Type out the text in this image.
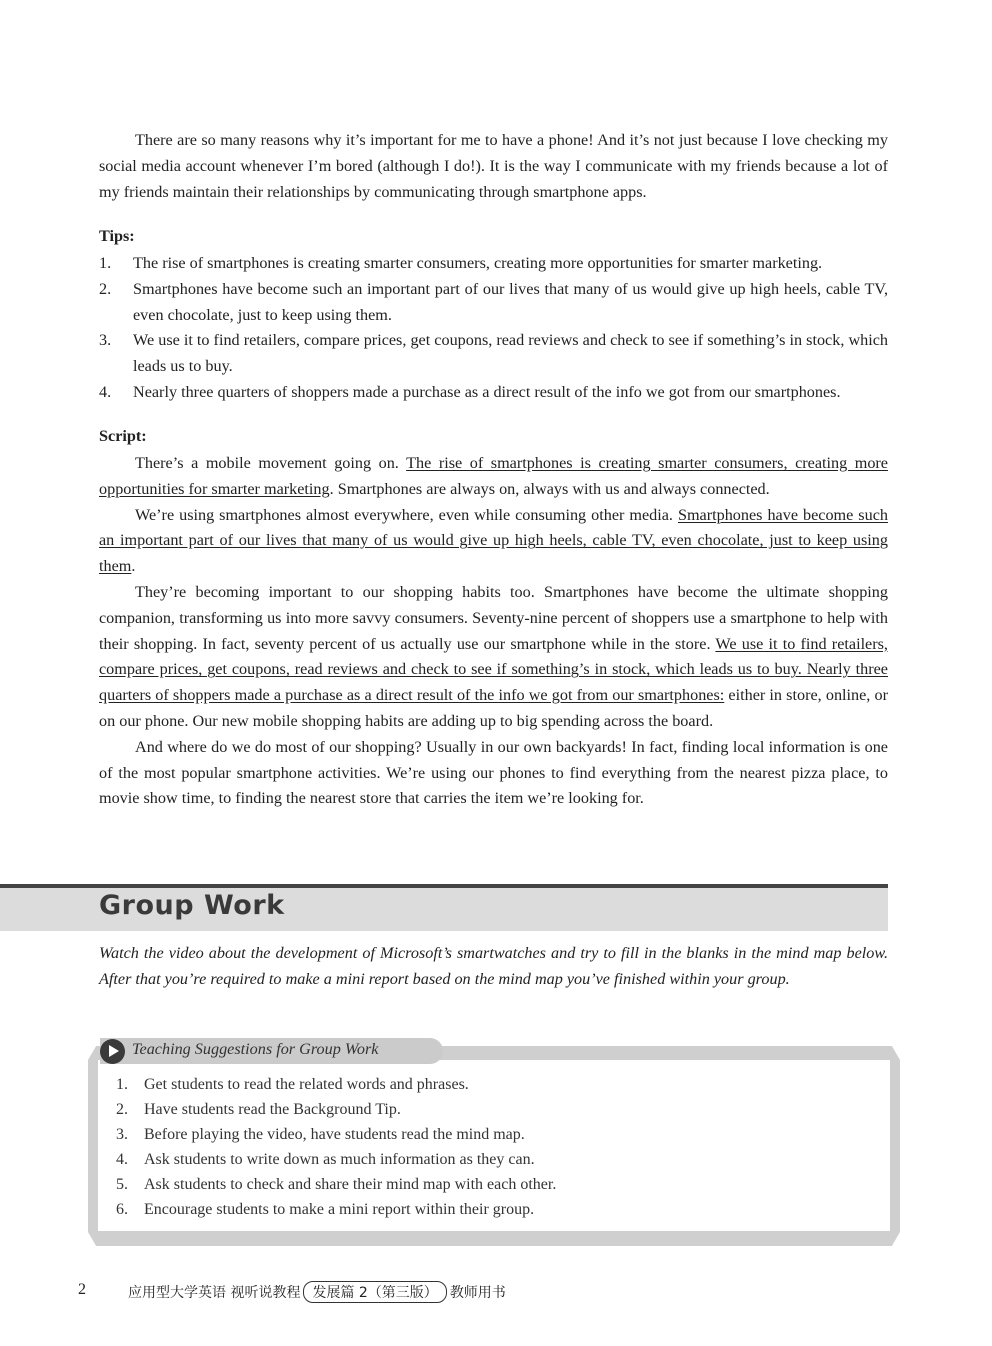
There are so many reasons why it’s important for me to have a phone! And it’s not just because I love checking my social media account whenever I’m bored (although I do!). It is the way I communicate with my friends because a lot of my friends maintain their relationships by communicating through smartphone apps.

Tips:
1.	The rise of smartphones is creating smarter consumers, creating more opportunities for smarter marketing.
2.	Smartphones have become such an important part of our lives that many of us would give up high heels, cable TV, even chocolate, just to keep using them.
3.	We use it to find retailers, compare prices, get coupons, read reviews and check to see if something’s in stock, which leads us to buy.
4.	Nearly three quarters of shoppers made a purchase as a direct result of the info we got from our smartphones.
Script:

There’s a mobile movement going on. The rise of smartphones is creating smarter consumers, creating more opportunities for smarter marketing. Smartphones are always on, always with us and always connected.

We’re using smartphones almost everywhere, even while consuming other media. Smartphones have become such an important part of our lives that many of us would give up high heels, cable TV, even chocolate, just to keep using them.

They’re becoming important to our shopping habits too. Smartphones have become the ultimate shopping companion, transforming us into more savvy consumers. Seventy-nine percent of shoppers use a smartphone to help with their shopping. In fact, seventy percent of us actually use our smartphone while in the store. We use it to find retailers, compare prices, get coupons, read reviews and check to see if something’s in stock, which leads us to buy. Nearly three quarters of shoppers made a purchase as a direct result of the info we got from our smartphones: either in store, online, or on our phone. Our new mobile shopping habits are adding up to big spending across the board.

And where do we do most of our shopping? Usually in our own backyards! In fact, finding local information is one of the most popular smartphone activities. We’re using our phones to find everything from the nearest pizza place, to movie show time, to finding the nearest store that carries the item we’re looking for.

Group Work

Watch the video about the development of Microsoft’s smartwatches and try to fill in the blanks in the mind map below. After that you’re required to make a mini report based on the mind map you’ve finished within your group.

Teaching Suggestions for Group Work
1.	Get students to read the related words and phrases.
2.	Have students read the Background Tip.
3.	Before playing the video, have students read the mind map.
4.	Ask students to write down as much information as they can.
5.	Ask students to check and share their mind map with each other.
6.	Encourage students to make a mini report within their group.
2	应用型大学英语 视听说教程 发展篇 2（第三版） 教师用书
